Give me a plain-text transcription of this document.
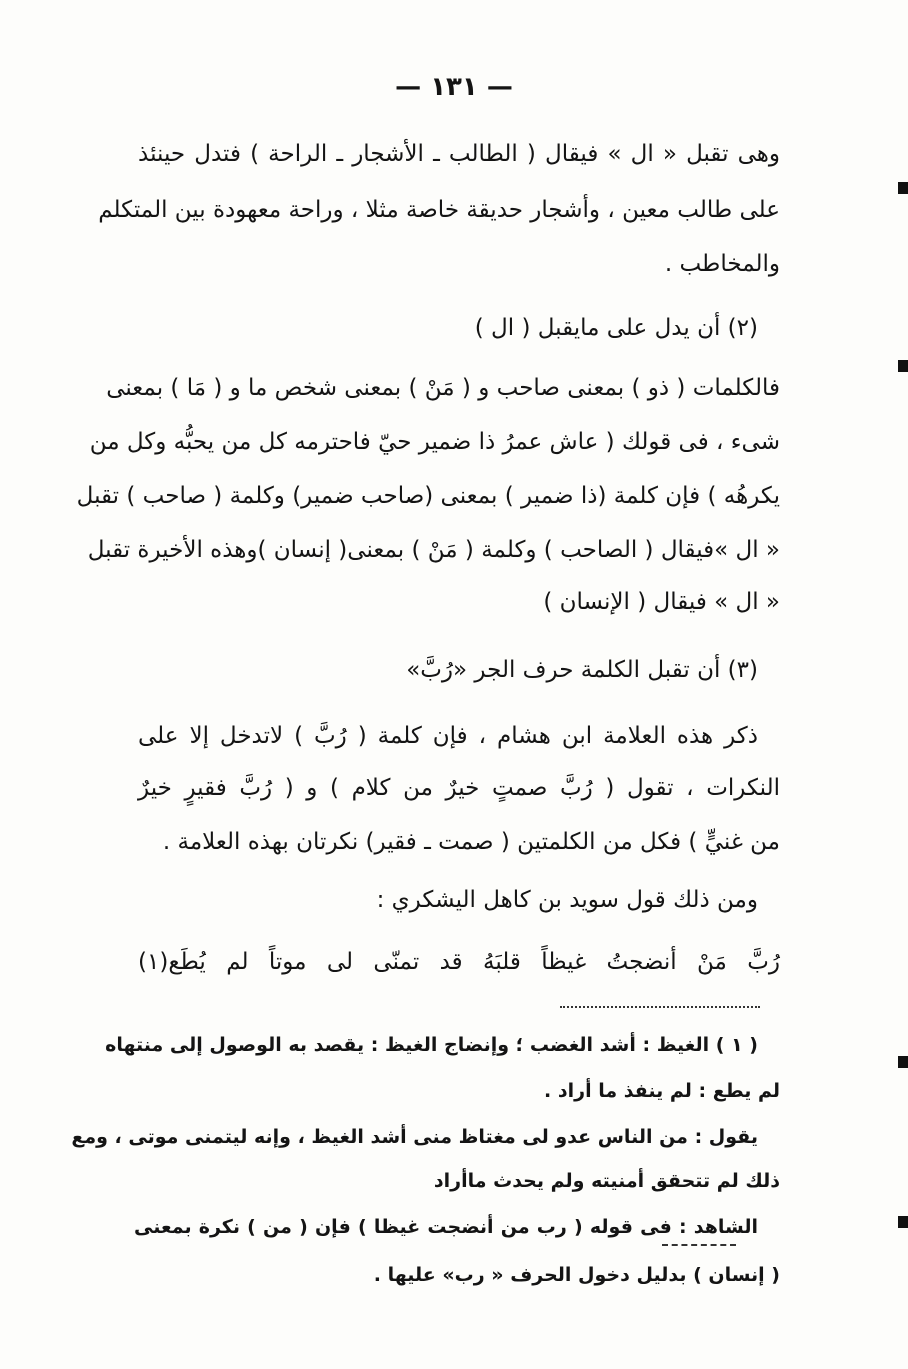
— ١٣١ —
وهى تقبل « ال » فيقال ( الطالب ـ الأشجار ـ الراحة ) فتدل حينئذ
على طالب معين ، وأشجار حديقة خاصة مثلا ، وراحة معهودة بين المتكلم
والمخاطب .
(٢) أن يدل على مايقبل ( ال )
فالكلمات ( ذو ) بمعنى صاحب و ( مَنْ ) بمعنى شخص ما و ( مَا ) بمعنى
شىء ، فى قولك ( عاش عمرُ ذا ضمير حيّ فاحترمه كل من يحبُّه وكل من
يكرهُه ) فإن كلمة (ذا ضمير ) بمعنى (صاحب ضمير) وكلمة ( صاحب ) تقبل
« ال »فيقال ( الصاحب ) وكلمة ( مَنْ ) بمعنى( إنسان )وهذه الأخيرة تقبل
« ال » فيقال ( الإنسان )
(٣) أن تقبل الكلمة حرف الجر «رُبَّ»
ذكر هذه العلامة ابن هشام ، فإن كلمة ( رُبَّ ) لاتدخل إلا على
النكرات ، تقول ( رُبَّ صمتٍ خيرٌ من كلام ) و ( رُبَّ فقيرٍ خيرٌ
من غنيٍّ ) فكل من الكلمتين ( صمت ـ فقير) نكرتان بهذه العلامة .
ومن ذلك قول سويد بن كاهل اليشكري :
رُبَّ مَنْ أنضجتُ غيظاً قلبَهُ قد تمنّى لى موتاً لم يُطَع(١)
( ١ ) الغيظ : أشد الغضب ؛ وإنضاج الغيظ : يقصد به الوصول إلى منتهاه
لم يطع : لم ينفذ ما أراد .
يقول : من الناس عدو لى مغتاظ منى أشد الغيظ ، وإنه ليتمنى موتى ، ومع
ذلك لم تتحقق أمنيته ولم يحدث ماأراد
الشاهد : فى قوله ( رب من أنضجت غيظا ) فإن ( من ) نكرة بمعنى
( إنسان ) بدليل دخول الحرف « رب» عليها .
